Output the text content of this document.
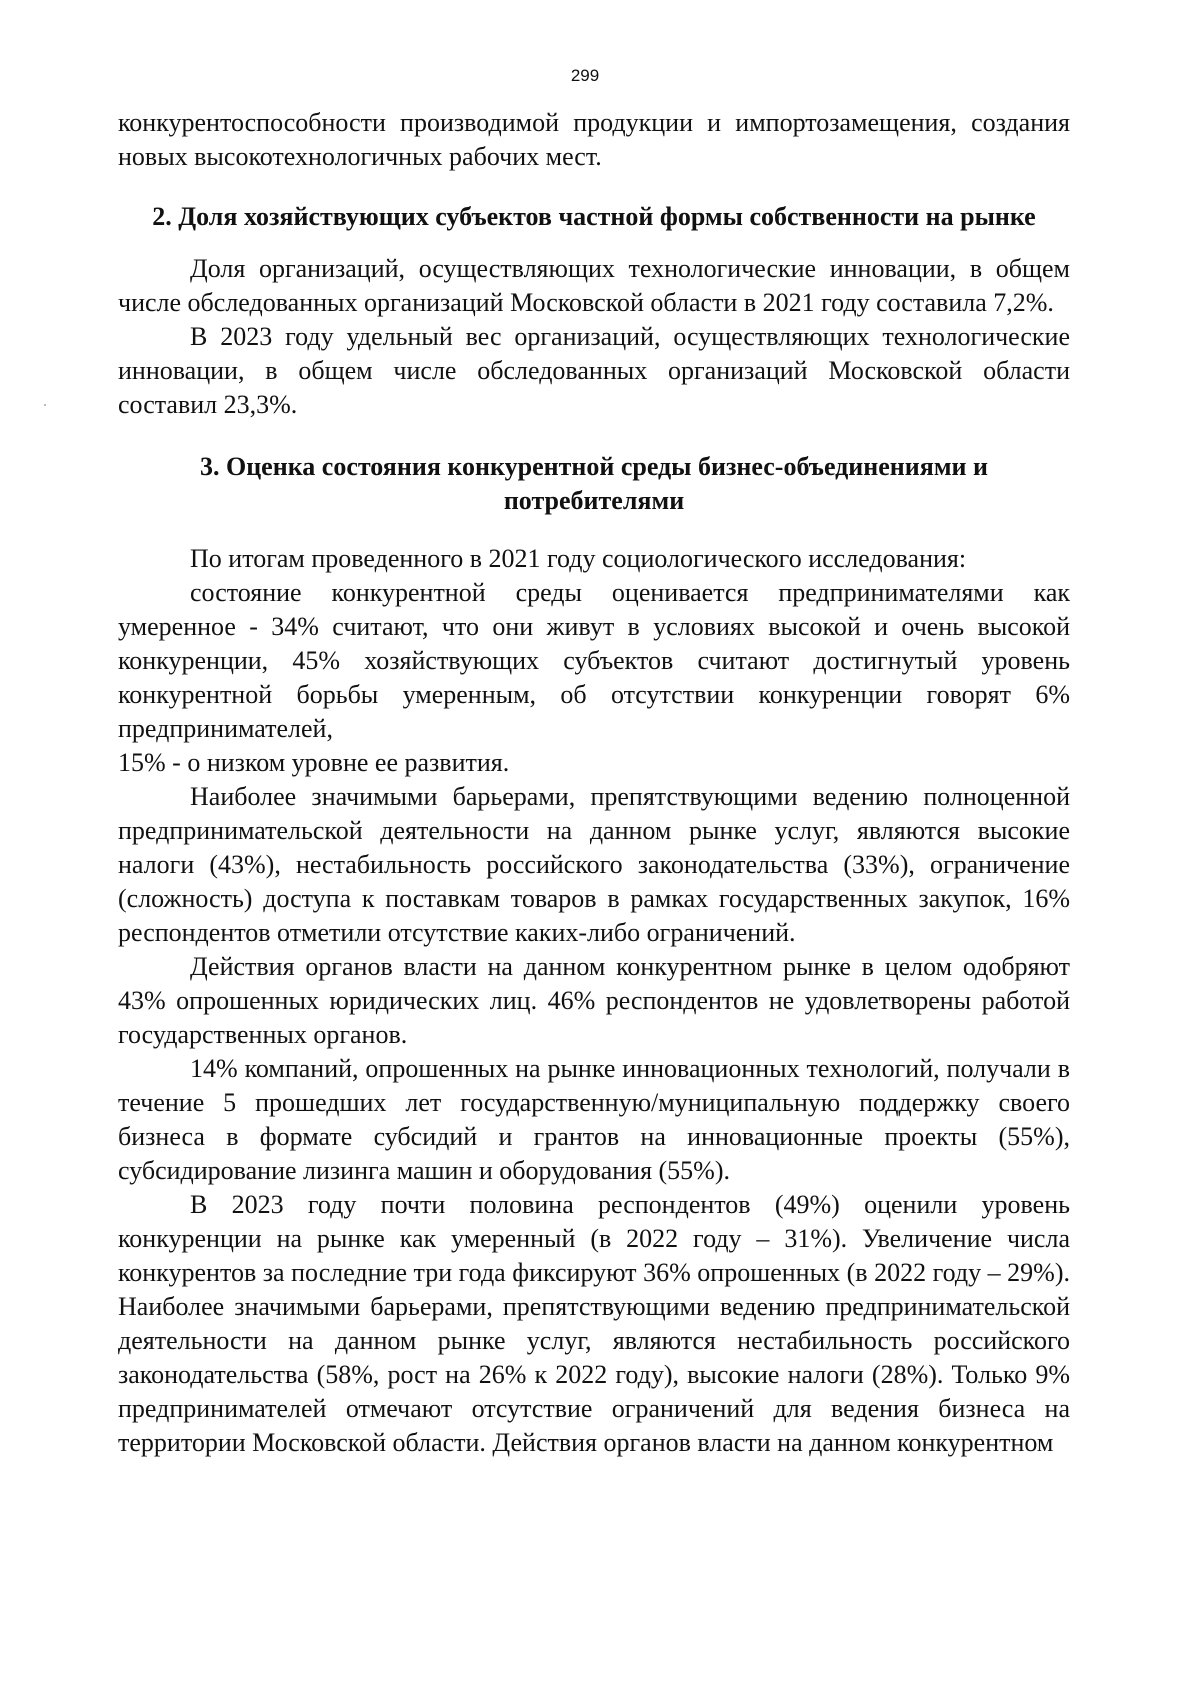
299

конкурентоспособности производимой продукции и импортозамещения, создания новых высокотехнологичных рабочих мест.

2. Доля хозяйствующих субъектов частной формы собственности на рынке

Доля организаций, осуществляющих технологические инновации, в общем числе обследованных организаций Московской области в 2021 году составила 7,2%.

В 2023 году удельный вес организаций, осуществляющих технологические инновации, в общем числе обследованных организаций Московской области составил 23,3%.

3. Оценка состояния конкурентной среды бизнес-объединениями и
потребителями

По итогам проведенного в 2021 году социологического исследования:

состояние конкурентной среды оценивается предпринимателями как умеренное - 34% считают, что они живут в условиях высокой и очень высокой конкуренции, 45% хозяйствующих субъектов считают достигнутый уровень конкурентной борьбы умеренным, об отсутствии конкуренции говорят 6% предпринимателей,

15% - о низком уровне ее развития.

Наиболее значимыми барьерами, препятствующими ведению полноценной предпринимательской деятельности на данном рынке услуг, являются высокие налоги (43%), нестабильность российского законодательства (33%), ограничение (сложность) доступа к поставкам товаров в рамках государственных закупок, 16% респондентов отметили отсутствие каких-либо ограничений.

Действия органов власти на данном конкурентном рынке в целом одобряют 43% опрошенных юридических лиц. 46% респондентов не удовлетворены работой государственных органов.

14% компаний, опрошенных на рынке инновационных технологий, получали в течение 5 прошедших лет государственную/муниципальную поддержку своего бизнеса в формате субсидий и грантов на инновационные проекты (55%), субсидирование лизинга машин и оборудования (55%).

В 2023 году почти половина респондентов (49%) оценили уровень конкуренции на рынке как умеренный (в 2022 году – 31%). Увеличение числа конкурентов за последние три года фиксируют 36% опрошенных (в 2022 году – 29%). Наиболее значимыми барьерами, препятствующими ведению предпринимательской деятельности на данном рынке услуг, являются нестабильность российского законодательства (58%, рост на 26% к 2022 году), высокие налоги (28%). Только 9% предпринимателей отмечают отсутствие ограничений для ведения бизнеса на территории Московской области. Действия органов власти на данном конкурентном
